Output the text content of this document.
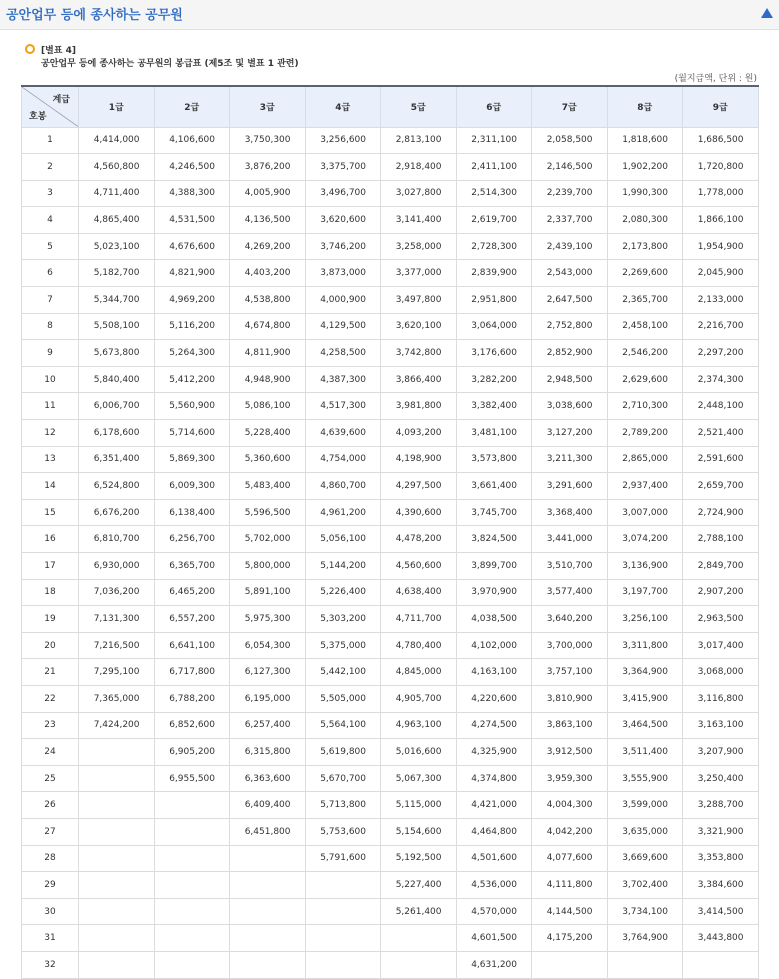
공안업무 등에 종사하는 공무원
[별표 4]
공안업무 등에 종사하는 공무원의 봉급표 (제5조 및 별표 1 관련)
(월지급액, 단위 : 원)
계급
호봉	1급	2급	3급	4급	5급	6급	7급	8급	9급
1	4,414,000	4,106,600	3,750,300	3,256,600	2,813,100	2,311,100	2,058,500	1,818,600	1,686,500
2	4,560,800	4,246,500	3,876,200	3,375,700	2,918,400	2,411,100	2,146,500	1,902,200	1,720,800
3	4,711,400	4,388,300	4,005,900	3,496,700	3,027,800	2,514,300	2,239,700	1,990,300	1,778,000
4	4,865,400	4,531,500	4,136,500	3,620,600	3,141,400	2,619,700	2,337,700	2,080,300	1,866,100
5	5,023,100	4,676,600	4,269,200	3,746,200	3,258,000	2,728,300	2,439,100	2,173,800	1,954,900
6	5,182,700	4,821,900	4,403,200	3,873,000	3,377,000	2,839,900	2,543,000	2,269,600	2,045,900
7	5,344,700	4,969,200	4,538,800	4,000,900	3,497,800	2,951,800	2,647,500	2,365,700	2,133,000
8	5,508,100	5,116,200	4,674,800	4,129,500	3,620,100	3,064,000	2,752,800	2,458,100	2,216,700
9	5,673,800	5,264,300	4,811,900	4,258,500	3,742,800	3,176,600	2,852,900	2,546,200	2,297,200
10	5,840,400	5,412,200	4,948,900	4,387,300	3,866,400	3,282,200	2,948,500	2,629,600	2,374,300
11	6,006,700	5,560,900	5,086,100	4,517,300	3,981,800	3,382,400	3,038,600	2,710,300	2,448,100
12	6,178,600	5,714,600	5,228,400	4,639,600	4,093,200	3,481,100	3,127,200	2,789,200	2,521,400
13	6,351,400	5,869,300	5,360,600	4,754,000	4,198,900	3,573,800	3,211,300	2,865,000	2,591,600
14	6,524,800	6,009,300	5,483,400	4,860,700	4,297,500	3,661,400	3,291,600	2,937,400	2,659,700
15	6,676,200	6,138,400	5,596,500	4,961,200	4,390,600	3,745,700	3,368,400	3,007,000	2,724,900
16	6,810,700	6,256,700	5,702,000	5,056,100	4,478,200	3,824,500	3,441,000	3,074,200	2,788,100
17	6,930,000	6,365,700	5,800,000	5,144,200	4,560,600	3,899,700	3,510,700	3,136,900	2,849,700
18	7,036,200	6,465,200	5,891,100	5,226,400	4,638,400	3,970,900	3,577,400	3,197,700	2,907,200
19	7,131,300	6,557,200	5,975,300	5,303,200	4,711,700	4,038,500	3,640,200	3,256,100	2,963,500
20	7,216,500	6,641,100	6,054,300	5,375,000	4,780,400	4,102,000	3,700,000	3,311,800	3,017,400
21	7,295,100	6,717,800	6,127,300	5,442,100	4,845,000	4,163,100	3,757,100	3,364,900	3,068,000
22	7,365,000	6,788,200	6,195,000	5,505,000	4,905,700	4,220,600	3,810,900	3,415,900	3,116,800
23	7,424,200	6,852,600	6,257,400	5,564,100	4,963,100	4,274,500	3,863,100	3,464,500	3,163,100
24		6,905,200	6,315,800	5,619,800	5,016,600	4,325,900	3,912,500	3,511,400	3,207,900
25		6,955,500	6,363,600	5,670,700	5,067,300	4,374,800	3,959,300	3,555,900	3,250,400
26			6,409,400	5,713,800	5,115,000	4,421,000	4,004,300	3,599,000	3,288,700
27			6,451,800	5,753,600	5,154,600	4,464,800	4,042,200	3,635,000	3,321,900
28				5,791,600	5,192,500	4,501,600	4,077,600	3,669,600	3,353,800
29					5,227,400	4,536,000	4,111,800	3,702,400	3,384,600
30					5,261,400	4,570,000	4,144,500	3,734,100	3,414,500
31						4,601,500	4,175,200	3,764,900	3,443,800
32						4,631,200			
